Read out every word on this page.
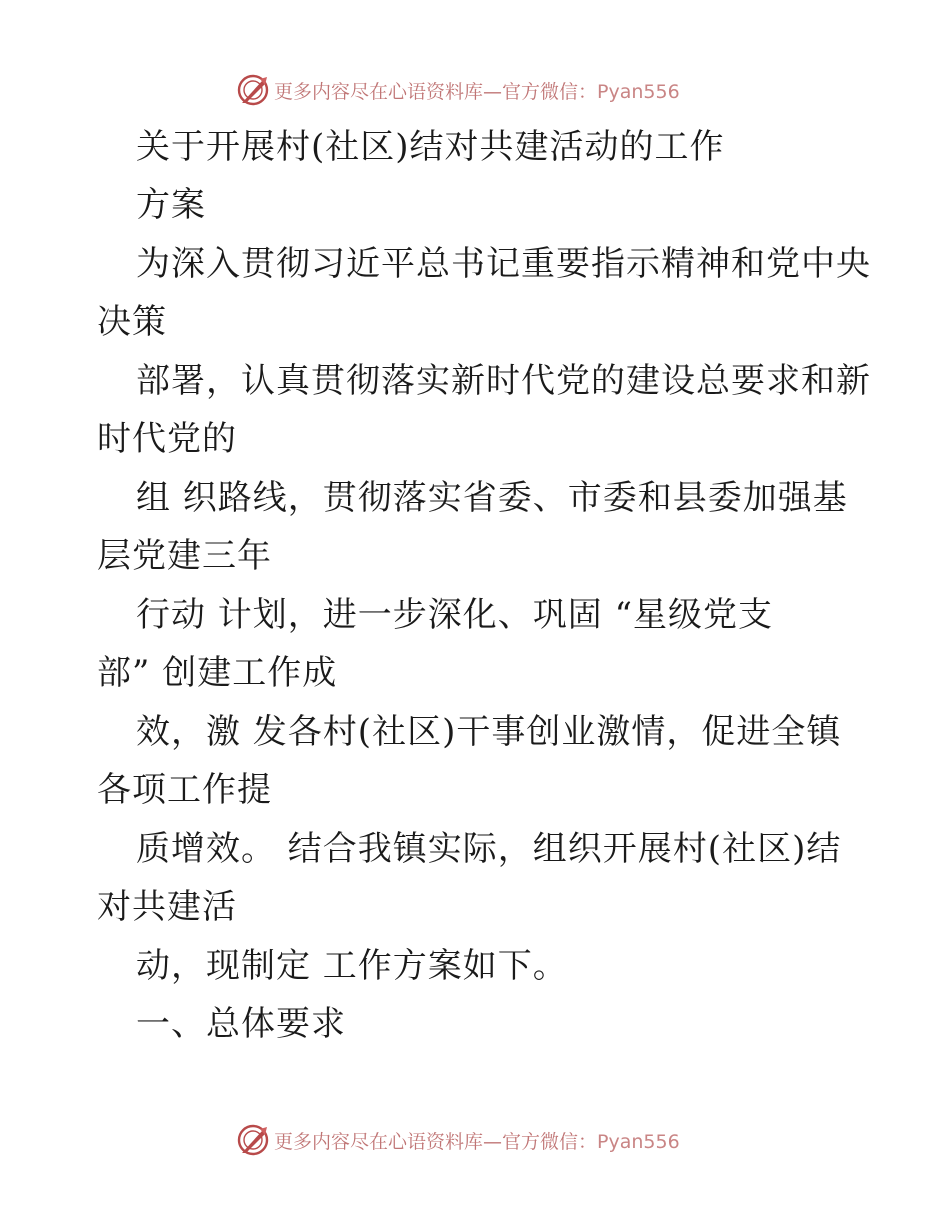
更多内容尽在心语资料库—官方微信：Pyan556
关于开展村(社区)结对共建活动的工作
方案
为深入贯彻习近平总书记重要指示精神和党中央
决策
部署，认真贯彻落实新时代党的建设总要求和新
时代党的
组 织路线，贯彻落实省委、市委和县委加强基
层党建三年
行动 计划，进一步深化、巩固 “星级党支
部” 创建工作成
效，激 发各村(社区)干事创业激情，促进全镇
各项工作提
质增效。 结合我镇实际，组织开展村(社区)结
对共建活
动，现制定 工作方案如下。
一、总体要求
更多内容尽在心语资料库—官方微信：Pyan556
